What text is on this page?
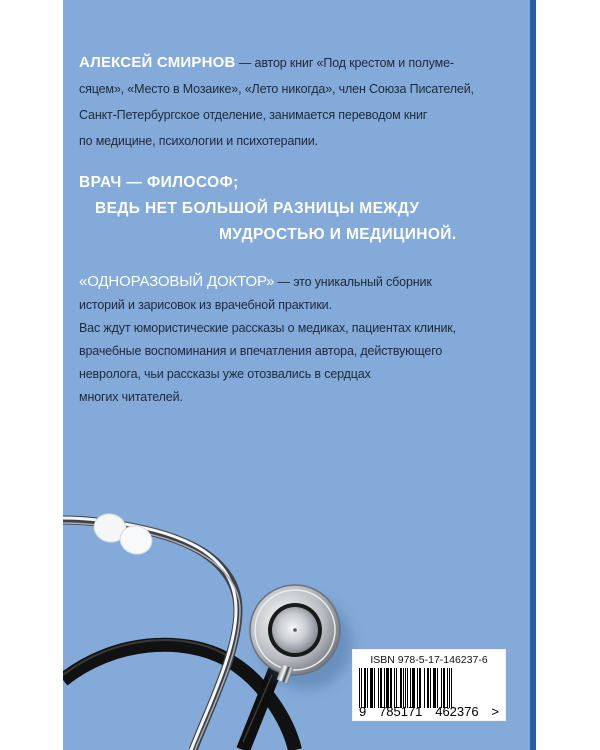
АЛЕКСЕЙ СМИРНОВ — автор книг «Под крестом и полуме-
сяцем», «Место в Мозаике», «Лето никогда», член Союза Писателей,
Санкт-Петербургское отделение, занимается переводом книг
по медицине, психологии и психотерапии.
ВРАЧ — ФИЛОСОФ;
ВЕДЬ НЕТ БОЛЬШОЙ РАЗНИЦЫ МЕЖДУ
МУДРОСТЬЮ И МЕДИЦИНОЙ.
«ОДНОРАЗОВЫЙ ДОКТОР» — это уникальный сборник
историй и зарисовок из врачебной практики.
Вас ждут юмористические рассказы о медиках, пациентах клиник,
врачебные воспоминания и впечатления автора, действующего
невролога, чьи рассказы уже отозвались в сердцах
многих читателей.
ISBN 978-5-17-146237-6
9 785171 462376 >
